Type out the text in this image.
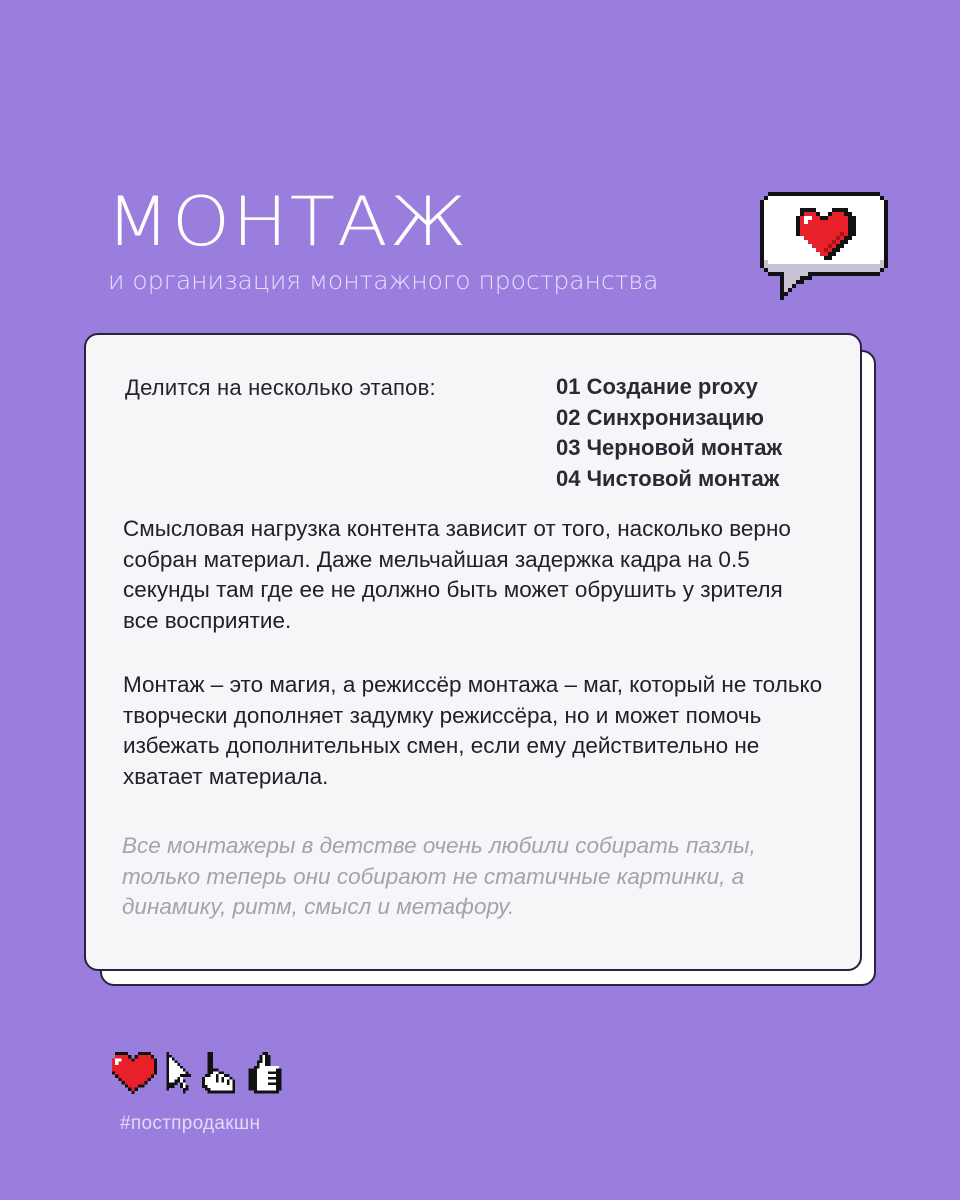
МОНТАЖ
и организация монтажного пространства
Делится на несколько этапов:	01 Создание proxy
02 Синхронизацию
03 Черновой монтаж
04 Чистовой монтаж

Смысловая нагрузка контента зависит от того, насколько верно собран материал. Даже мельчайшая задержка кадра на 0.5 секунды там где ее не должно быть может обрушить у зрителя все восприятие.

Монтаж – это магия, а режиссёр монтажа – маг, который не только творчески дополняет задумку режиссёра, но и может помочь избежать дополнительных смен, если ему действительно не хватает материала.

Все монтажеры в детстве очень любили собирать пазлы, только теперь они собирают не статичные картинки, а динамику, ритм, смысл и метафору.

#постпродакшн
